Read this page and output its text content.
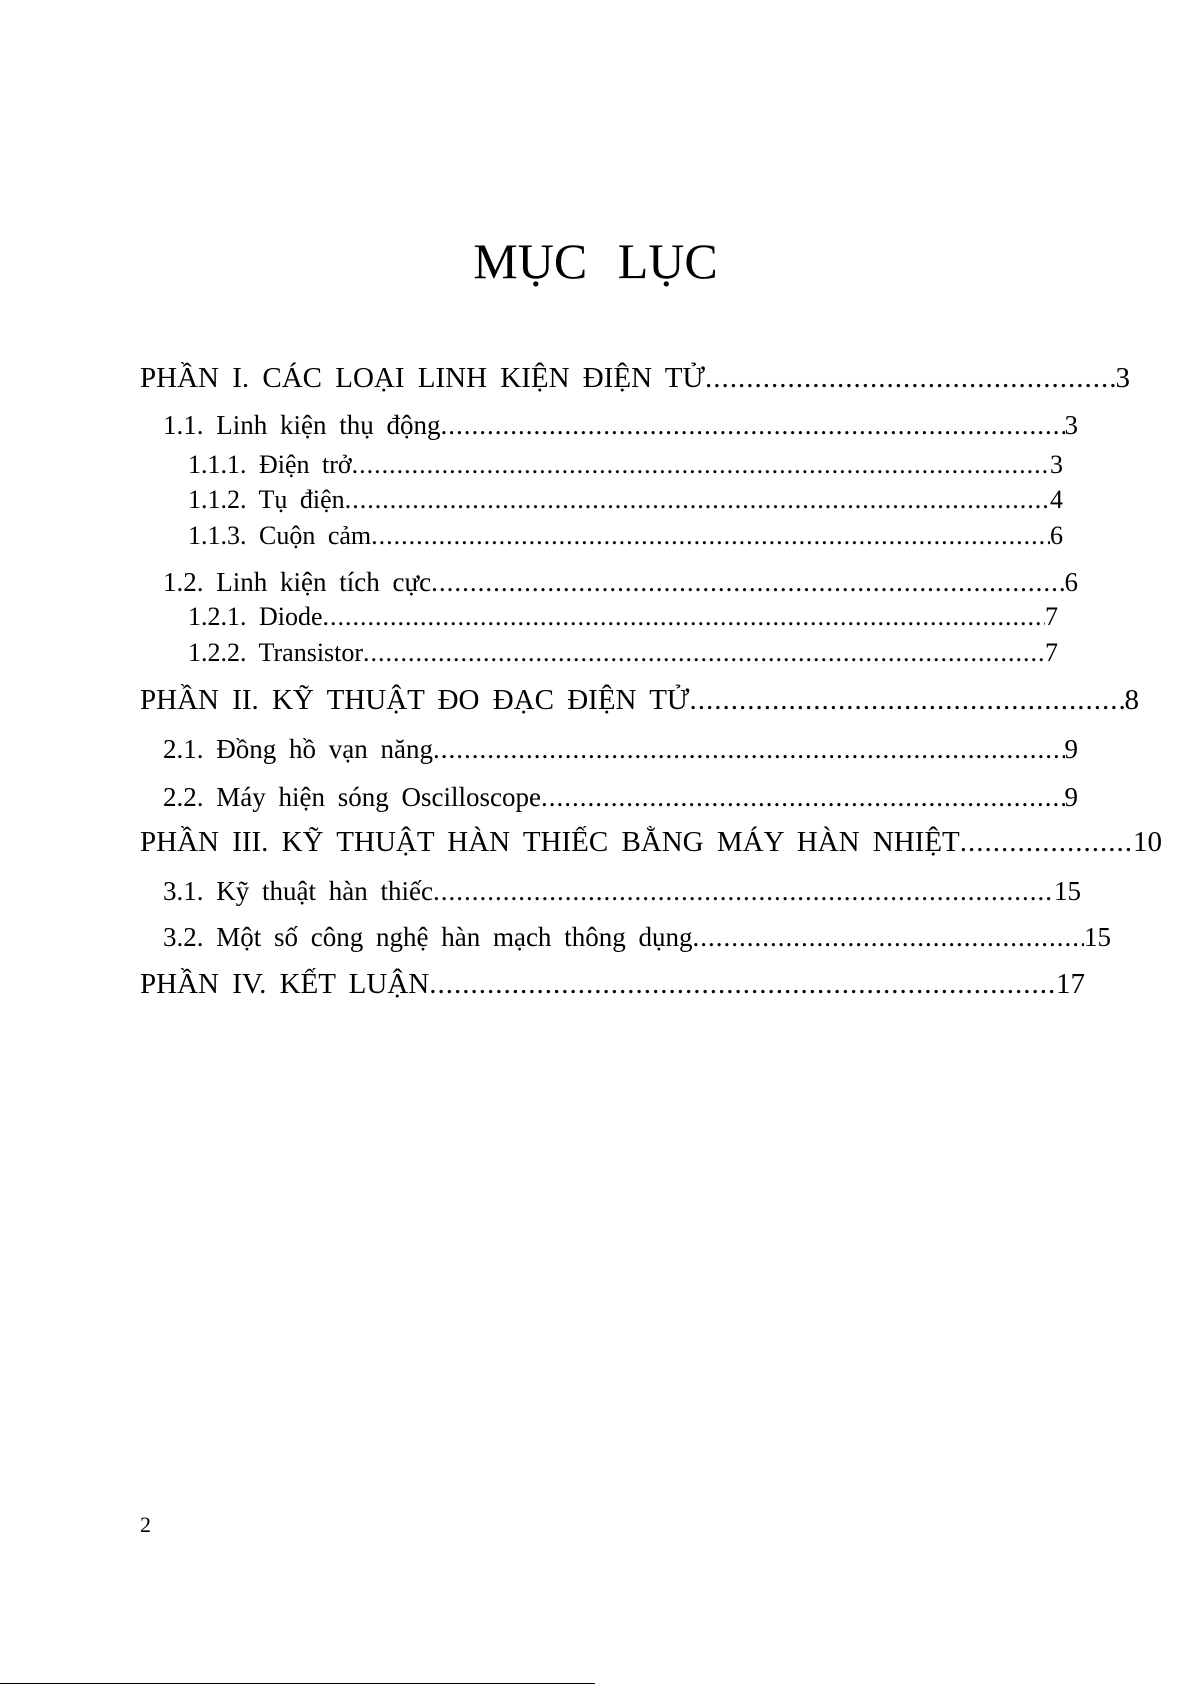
MỤC LỤC
PHẦN I. CÁC LOẠI LINH KIỆN ĐIỆN TỬ .....	3
1.1. Linh kiện thụ động .....	3
1.1.1. Điện trở .....	3
1.1.2. Tụ điện .....	4
1.1.3. Cuộn cảm .....	6
1.2. Linh kiện tích cực .....	6
1.2.1. Diode .....	7
1.2.2. Transistor .....	7
PHẦN II. KỸ THUẬT ĐO ĐẠC ĐIỆN TỬ .....	8
2.1. Đồng hồ vạn năng .....	9
2.2. Máy hiện sóng Oscilloscope .....	9
PHẦN III. KỸ THUẬT HÀN THIẾC BẰNG MÁY HÀN NHIỆT .....	10
3.1. Kỹ thuật hàn thiếc .....	15
3.2. Một số công nghệ hàn mạch thông dụng .....	15
PHẦN IV. KẾT LUẬN .....	17
2
